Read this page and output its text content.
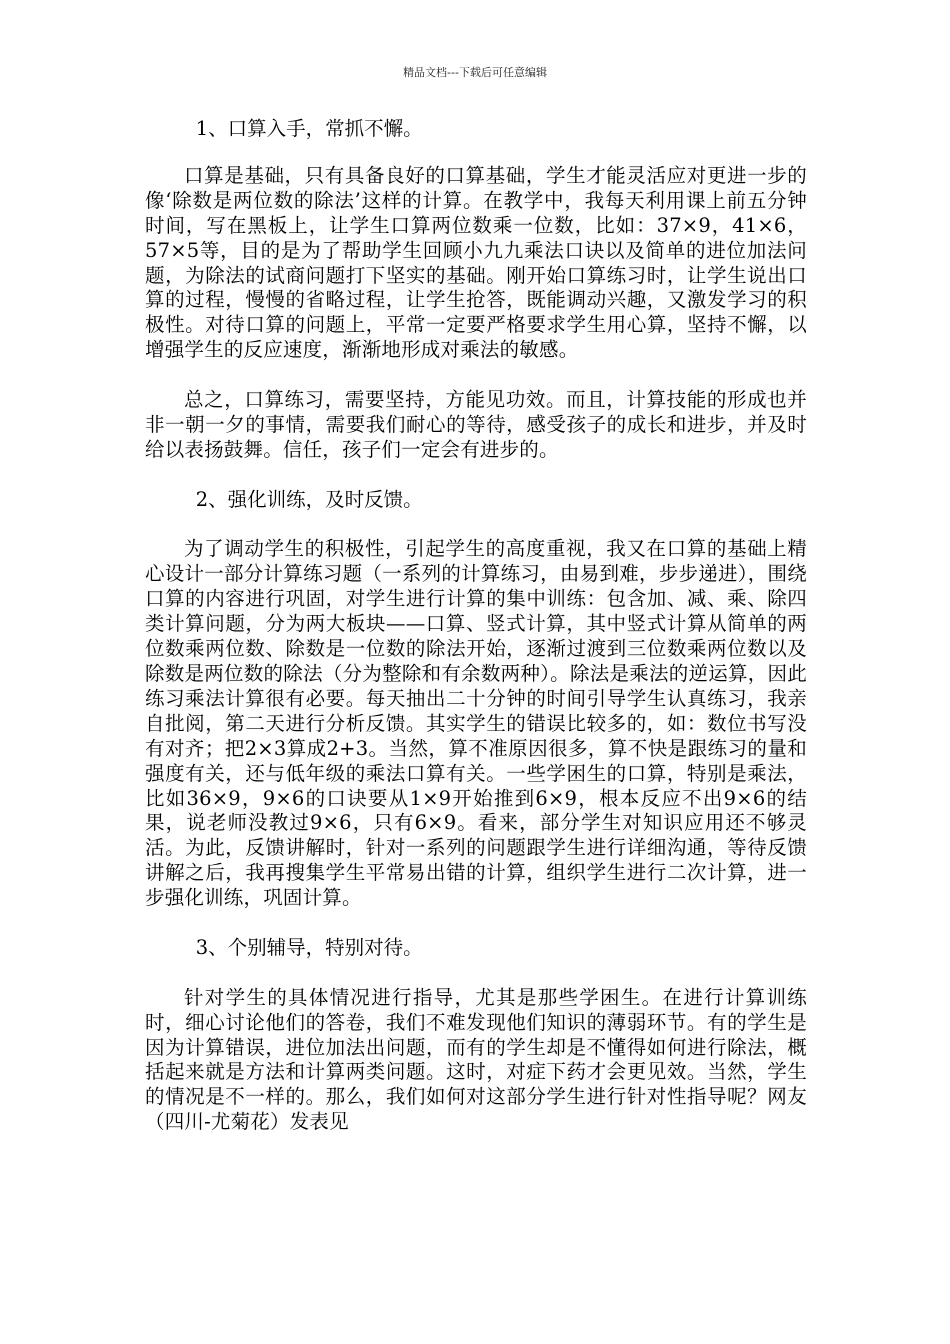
精品文档---下载后可任意编辑

1、口算入手，常抓不懈。

口算是基础，只有具备良好的口算基础，学生才能灵活应对更进一步的像‘除数是两位数的除法’这样的计算。在教学中，我每天利用课上前五分钟时间，写在黑板上，让学生口算两位数乘一位数，比如：37×9，41×6，57×5等，目的是为了帮助学生回顾小九九乘法口诀以及简单的进位加法问题，为除法的试商问题打下坚实的基础。刚开始口算练习时，让学生说出口算的过程，慢慢的省略过程，让学生抢答，既能调动兴趣，又激发学习的积极性。对待口算的问题上，平常一定要严格要求学生用心算，坚持不懈，以增强学生的反应速度，渐渐地形成对乘法的敏感。

总之，口算练习，需要坚持，方能见功效。而且，计算技能的形成也并非一朝一夕的事情，需要我们耐心的等待，感受孩子的成长和进步，并及时给以表扬鼓舞。信任，孩子们一定会有进步的。

2、强化训练，及时反馈。

为了调动学生的积极性，引起学生的高度重视，我又在口算的基础上精心设计一部分计算练习题（一系列的计算练习，由易到难，步步递进），围绕口算的内容进行巩固，对学生进行计算的集中训练：包含加、减、乘、除四类计算问题，分为两大板块——口算、竖式计算，其中竖式计算从简单的两位数乘两位数、除数是一位数的除法开始，逐渐过渡到三位数乘两位数以及除数是两位数的除法（分为整除和有余数两种）。除法是乘法的逆运算，因此练习乘法计算很有必要。每天抽出二十分钟的时间引导学生认真练习，我亲自批阅，第二天进行分析反馈。其实学生的错误比较多的，如：数位书写没有对齐；把2×3算成2+3。当然，算不准原因很多，算不快是跟练习的量和强度有关，还与低年级的乘法口算有关。一些学困生的口算，特别是乘法，比如36×9，9×6的口诀要从1×9开始推到6×9，根本反应不出9×6的结果，说老师没教过9×6，只有6×9。看来，部分学生对知识应用还不够灵活。为此，反馈讲解时，针对一系列的问题跟学生进行详细沟通，等待反馈讲解之后，我再搜集学生平常易出错的计算，组织学生进行二次计算，进一步强化训练，巩固计算。

3、个别辅导，特别对待。

针对学生的具体情况进行指导，尤其是那些学困生。在进行计算训练时，细心讨论他们的答卷，我们不难发现他们知识的薄弱环节。有的学生是因为计算错误，进位加法出问题，而有的学生却是不懂得如何进行除法，概括起来就是方法和计算两类问题。这时，对症下药才会更见效。当然，学生的情况是不一样的。那么，我们如何对这部分学生进行针对性指导呢？网友（四川-尤菊花）发表见
